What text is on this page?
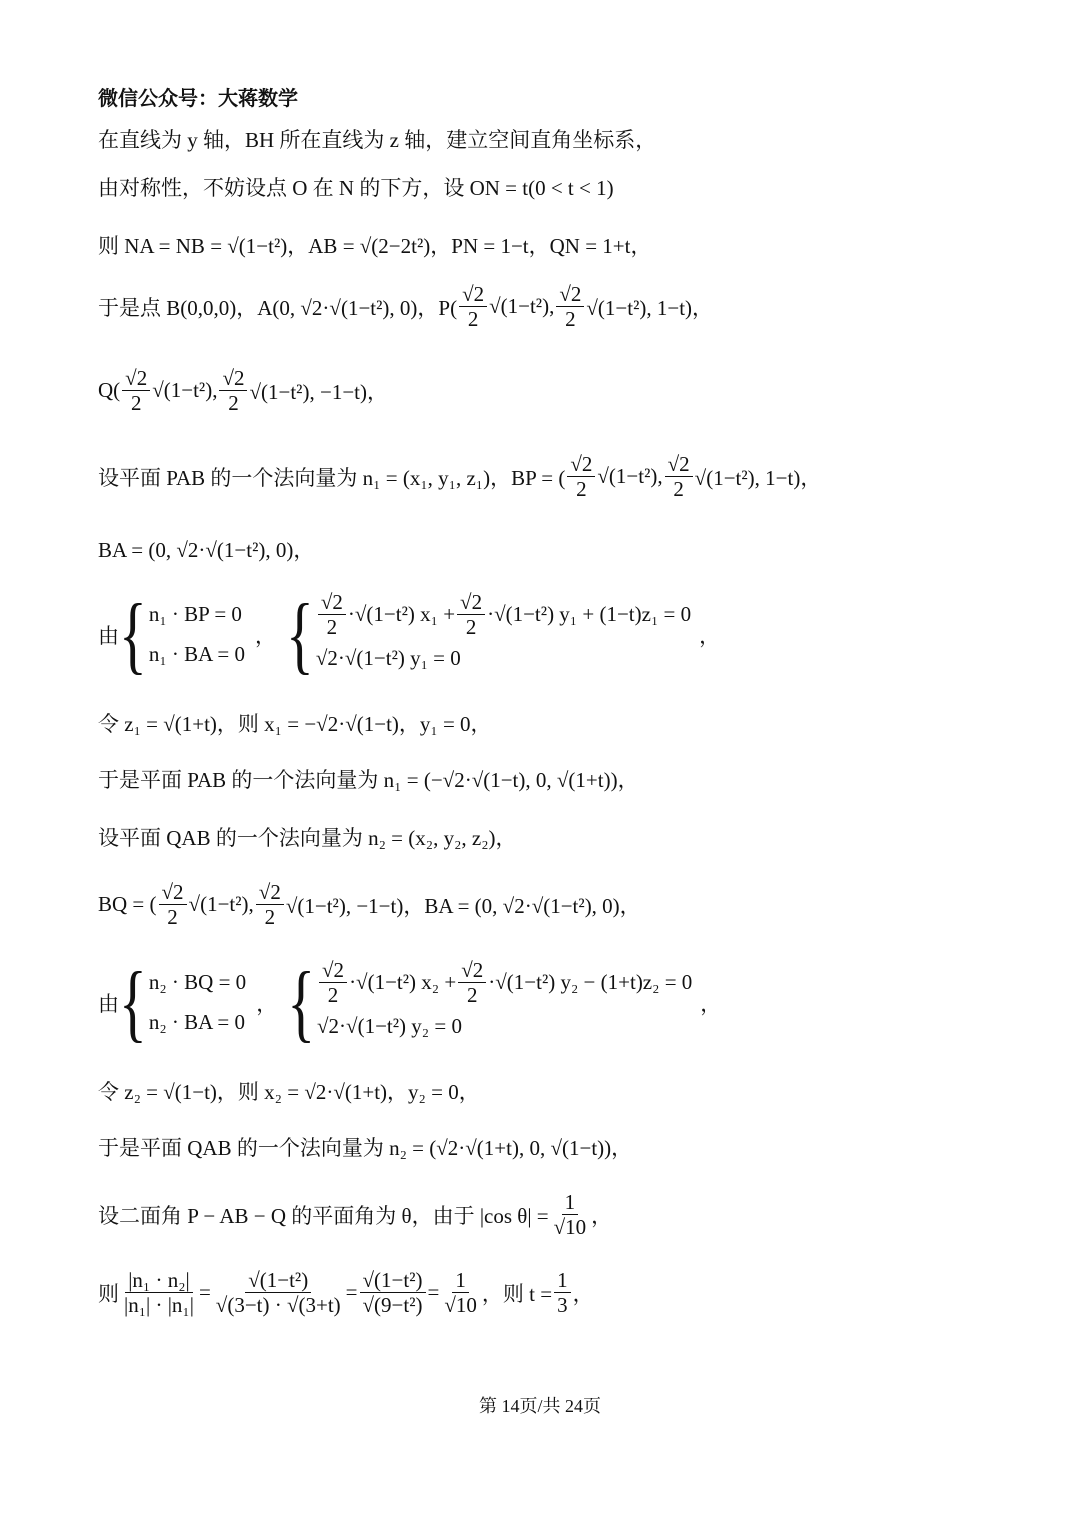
微信公众号：大蒋数学
在直线为 y 轴，BH 所在直线为 z 轴，建立空间直角坐标系，
由对称性，不妨设点 O 在 N 的下方，设 ON = t(0 < t < 1)
则 NA = NB = √(1−t²)，AB = √(2−2t²)，PN = 1−t，QN = 1+t，
于是点 B(0,0,0)，A(0, √2·√(1−t²), 0)，$P( \frac{√2}{2} √(1-t^2)$, $\frac{√2}{2} √(1-t^2)$, 1−t)，
$Q( \frac{√2}{2} √(1-t^2)$, $\frac{√2}{2} √(1-t^2)$, −1−t)，
设平面 PAB 的一个法向量为 n₁ = (x₁, y₁, z₁)，BP = ( $\frac{√2}{2} √(1-t^2)$, $\frac{√2}{2} √(1-t^2)$, 1−t)，
BA = (0, √2·√(1−t²), 0)，
由 { n₁ · BP = 0
n₁ · BA = 0
， { $\frac{√2}{2} \cdot√(1-t^2) x_1 + \frac{√2}{2} \cdot√(1-t^2) y_1 + (1-t)z_1 = 0$
√2·√(1−t²) y₁ = 0
，
令 z₁ = √(1+t)，则 x₁ = −√2·√(1−t)，y₁ = 0，
于是平面 PAB 的一个法向量为 n₁ = (−√2·√(1−t), 0, √(1+t))，
设平面 QAB 的一个法向量为 n₂ = (x₂, y₂, z₂)，
BQ = ( $\frac{√2}{2} √(1-t^2)$, $\frac{√2}{2} √(1-t^2)$, −1−t)，BA = (0, √2·√(1−t²), 0)，
由 { n₂ · BQ = 0
n₂ · BA = 0
， { $\frac{√2}{2} \cdot√(1-t^2) x_2 + \frac{√2}{2} \cdot√(1-t^2) y_2 - (1+t)z_2 = 0$
√2·√(1−t²) y₂ = 0
，
令 z₂ = √(1−t)，则 x₂ = √2·√(1+t)，y₂ = 0，
于是平面 QAB 的一个法向量为 n₂ = (√2·√(1+t), 0, √(1−t))，
设二面角 P − AB − Q 的平面角为 θ，由于 |cos $\theta| = \frac{1}{√10}$ ，
则 $\frac{\text{|n₁ · n₂|}}{\text{|n₁| · |n₁|}} = \frac{\text{√(1−t²)}}{√(3-t) \cdot √(3+t)} = \frac{\text{√(1−t²)}}{\text{√(9−t²)}} = \frac{1}{√10}$ ，则 $t = \frac{1}{3}$ ，
第 14页/共 24页
